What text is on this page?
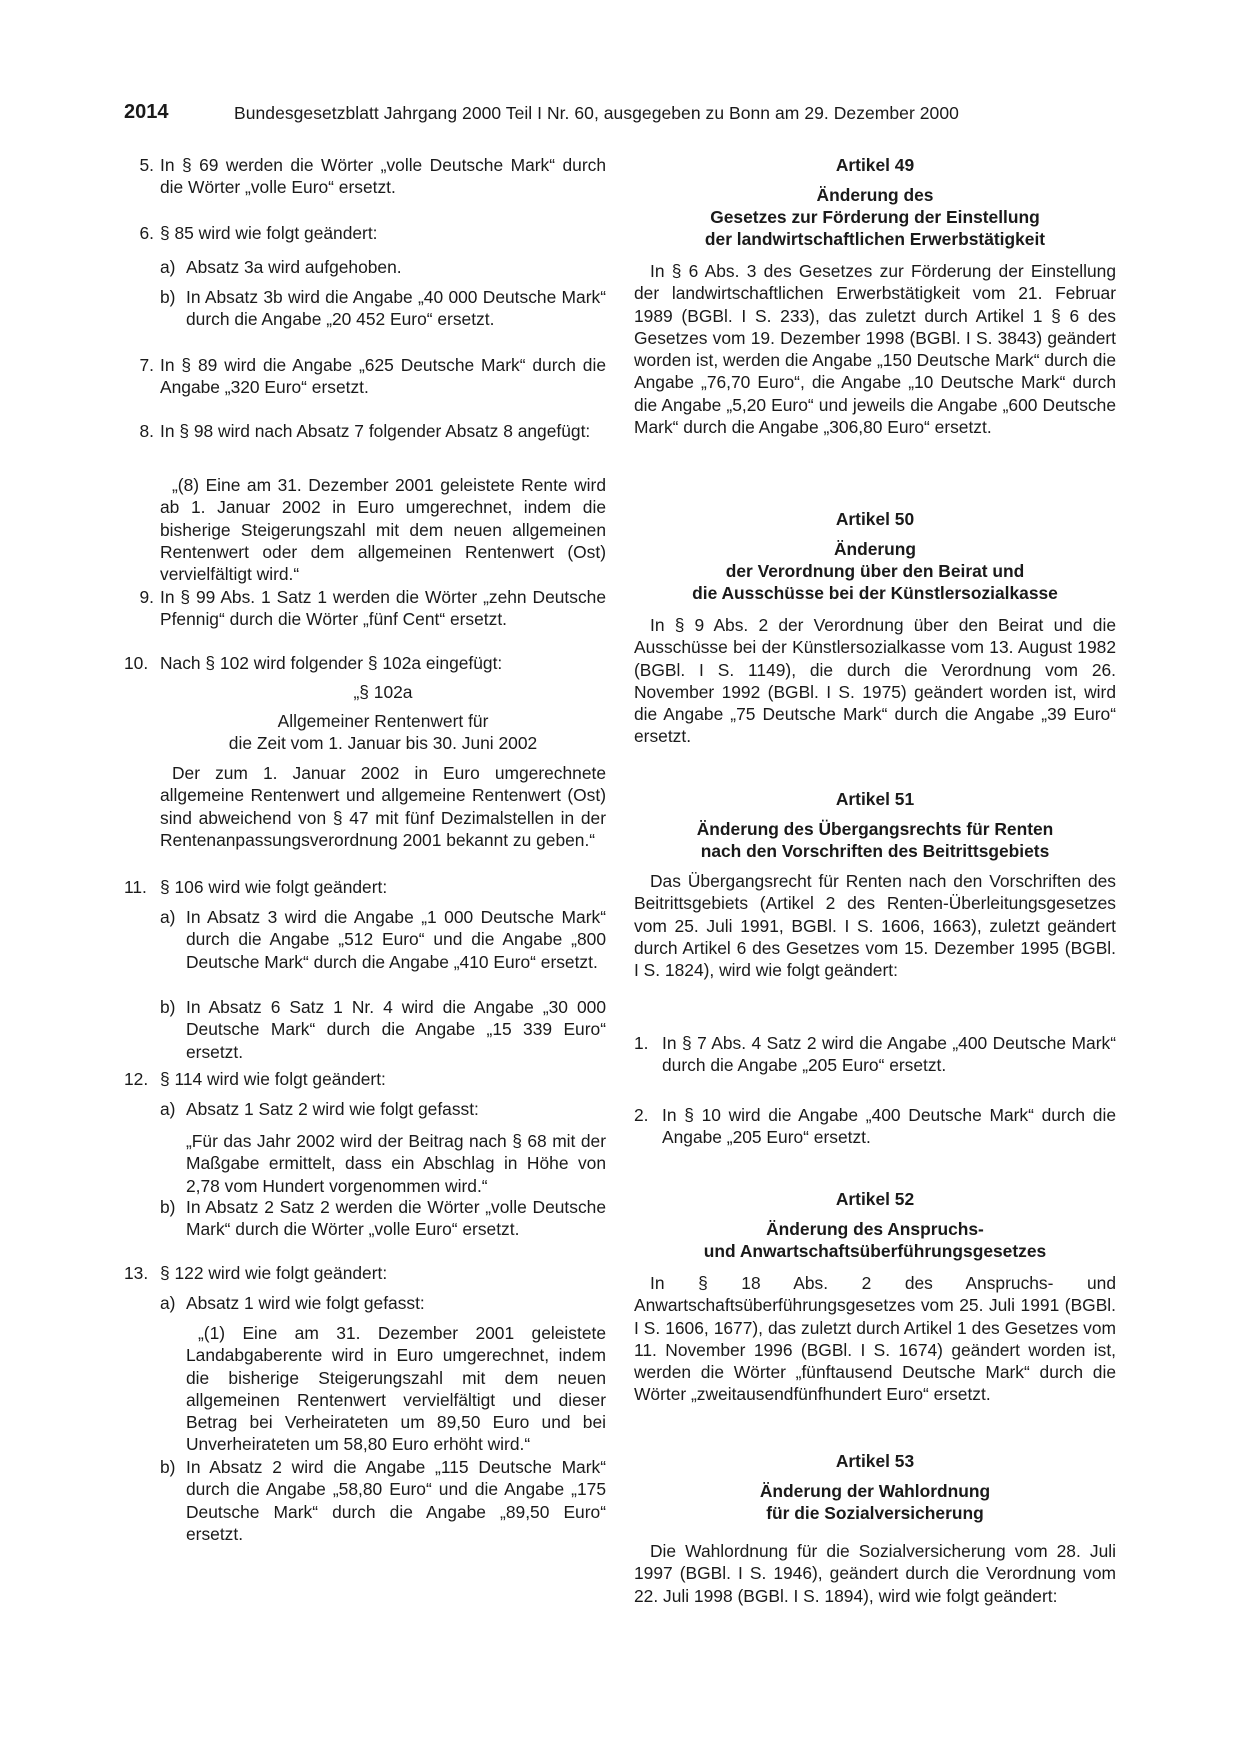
2014	Bundesgesetzblatt Jahrgang 2000 Teil I Nr. 60, ausgegeben zu Bonn am 29. Dezember 2000
5. In § 69 werden die Wörter „volle Deutsche Mark“ durch die Wörter „volle Euro“ ersetzt.
6. § 85 wird wie folgt geändert:
a) Absatz 3a wird aufgehoben.
b) In Absatz 3b wird die Angabe „40 000 Deutsche Mark“ durch die Angabe „20 452 Euro“ ersetzt.
7. In § 89 wird die Angabe „625 Deutsche Mark“ durch die Angabe „320 Euro“ ersetzt.
8. In § 98 wird nach Absatz 7 folgender Absatz 8 angefügt:
„(8) Eine am 31. Dezember 2001 geleistete Rente wird ab 1. Januar 2002 in Euro umgerechnet, indem die bisherige Steigerungszahl mit dem neuen allgemeinen Rentenwert oder dem allgemeinen Rentenwert (Ost) vervielfältigt wird.“
9. In § 99 Abs. 1 Satz 1 werden die Wörter „zehn Deutsche Pfennig“ durch die Wörter „fünf Cent“ ersetzt.
10. Nach § 102 wird folgender § 102a eingefügt:
„§ 102a
Allgemeiner Rentenwert für
die Zeit vom 1. Januar bis 30. Juni 2002
Der zum 1. Januar 2002 in Euro umgerechnete allgemeine Rentenwert und allgemeine Rentenwert (Ost) sind abweichend von § 47 mit fünf Dezimalstellen in der Rentenanpassungsverordnung 2001 bekannt zu geben.“
11. § 106 wird wie folgt geändert:
a) In Absatz 3 wird die Angabe „1 000 Deutsche Mark“ durch die Angabe „512 Euro“ und die Angabe „800 Deutsche Mark“ durch die Angabe „410 Euro“ ersetzt.
b) In Absatz 6 Satz 1 Nr. 4 wird die Angabe „30 000 Deutsche Mark“ durch die Angabe „15 339 Euro“ ersetzt.
12. § 114 wird wie folgt geändert:
a) Absatz 1 Satz 2 wird wie folgt gefasst:
„Für das Jahr 2002 wird der Beitrag nach § 68 mit der Maßgabe ermittelt, dass ein Abschlag in Höhe von 2,78 vom Hundert vorgenommen wird.“
b) In Absatz 2 Satz 2 werden die Wörter „volle Deutsche Mark“ durch die Wörter „volle Euro“ ersetzt.
13. § 122 wird wie folgt geändert:
a) Absatz 1 wird wie folgt gefasst:
„(1) Eine am 31. Dezember 2001 geleistete Landabgaberente wird in Euro umgerechnet, indem die bisherige Steigerungszahl mit dem neuen allgemeinen Rentenwert vervielfältigt und dieser Betrag bei Verheirateten um 89,50 Euro und bei Unverheirateten um 58,80 Euro erhöht wird.“
b) In Absatz 2 wird die Angabe „115 Deutsche Mark“ durch die Angabe „58,80 Euro“ und die Angabe „175 Deutsche Mark“ durch die Angabe „89,50 Euro“ ersetzt.
Artikel 49
Änderung des
Gesetzes zur Förderung der Einstellung
der landwirtschaftlichen Erwerbstätigkeit
In § 6 Abs. 3 des Gesetzes zur Förderung der Einstellung der landwirtschaftlichen Erwerbstätigkeit vom 21. Februar 1989 (BGBl. I S. 233), das zuletzt durch Artikel 1 § 6 des Gesetzes vom 19. Dezember 1998 (BGBl. I S. 3843) geändert worden ist, werden die Angabe „150 Deutsche Mark“ durch die Angabe „76,70 Euro“, die Angabe „10 Deutsche Mark“ durch die Angabe „5,20 Euro“ und jeweils die Angabe „600 Deutsche Mark“ durch die Angabe „306,80 Euro“ ersetzt.
Artikel 50
Änderung
der Verordnung über den Beirat und
die Ausschüsse bei der Künstlersozialkasse
In § 9 Abs. 2 der Verordnung über den Beirat und die Ausschüsse bei der Künstlersozialkasse vom 13. August 1982 (BGBl. I S. 1149), die durch die Verordnung vom 26. November 1992 (BGBl. I S. 1975) geändert worden ist, wird die Angabe „75 Deutsche Mark“ durch die Angabe „39 Euro“ ersetzt.
Artikel 51
Änderung des Übergangsrechts für Renten
nach den Vorschriften des Beitrittsgebiets
Das Übergangsrecht für Renten nach den Vorschriften des Beitrittsgebiets (Artikel 2 des Renten-Überleitungsgesetzes vom 25. Juli 1991, BGBl. I S. 1606, 1663), zuletzt geändert durch Artikel 6 des Gesetzes vom 15. Dezember 1995 (BGBl. I S. 1824), wird wie folgt geändert:
1. In § 7 Abs. 4 Satz 2 wird die Angabe „400 Deutsche Mark“ durch die Angabe „205 Euro“ ersetzt.
2. In § 10 wird die Angabe „400 Deutsche Mark“ durch die Angabe „205 Euro“ ersetzt.
Artikel 52
Änderung des Anspruchs-
und Anwartschaftsüberführungsgesetzes
In § 18 Abs. 2 des Anspruchs- und Anwartschaftsüberführungsgesetzes vom 25. Juli 1991 (BGBl. I S. 1606, 1677), das zuletzt durch Artikel 1 des Gesetzes vom 11. November 1996 (BGBl. I S. 1674) geändert worden ist, werden die Wörter „fünftausend Deutsche Mark“ durch die Wörter „zweitausendfünfhundert Euro“ ersetzt.
Artikel 53
Änderung der Wahlordnung
für die Sozialversicherung
Die Wahlordnung für die Sozialversicherung vom 28. Juli 1997 (BGBl. I S. 1946), geändert durch die Verordnung vom 22. Juli 1998 (BGBl. I S. 1894), wird wie folgt geändert:
